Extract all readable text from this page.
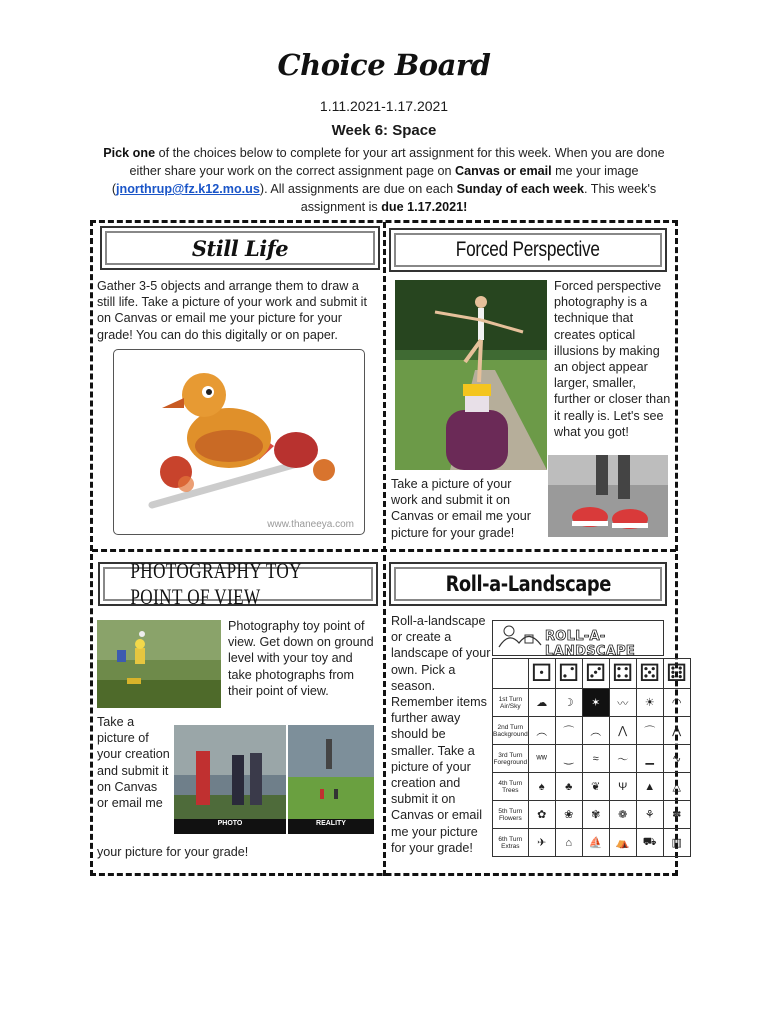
Choice Board
1.11.2021-1.17.2021
Week 6: Space
Pick one of the choices below to complete for your art assignment for this week. When you are done either share your work on the correct assignment page on Canvas or email me your image (jnorthrup@fz.k12.mo.us). All assignments are due on each Sunday of each week. This week's assignment is due 1.17.2021!
Still Life
Gather 3-5 objects and arrange them to draw a still life. Take a picture of your work and submit it on Canvas or email me your picture for your grade! You can do this digitally or on paper.
www.thaneeya.com
Forced Perspective
Forced perspective photography is a technique that creates optical illusions by making an object appear larger, smaller, further or closer than it really is. Let's see what you got!
Take a picture of your work and submit it on Canvas or email me your picture for your grade!
PHOTOGRAPHY TOY POINT OF VIEW
Photography toy point of view. Get down on ground level with your toy and take photographs from their point of view.
Take a picture of your creation and submit it on Canvas or email me
PHOTO	REALITY
your picture for your grade!
Roll-a-Landscape
Roll-a-landscape or create a landscape of your own. Pick a season. Remember items further away should be smaller. Take a picture of your creation and submit it on Canvas or email me your picture for your grade!
ROLL-A-LANDSCAPE
	⚀	⚁	⚂	⚃	⚄	⚅
1st Turn Air/Sky	☁	☽	✶	〰	☀	◠
2nd Turn Background	︵	⌒	︵	⋀	⌒	⋀
3rd Turn Foreground	ʷʷ	‿	≈	〜	▁	∿
4th Turn Trees	♠	♣	❦	Ψ	▲	△
5th Turn Flowers	✿	❀	✾	❁	⚘	✽
6th Turn Extras	✈	⌂	⛵	⛺	⛟	▥
